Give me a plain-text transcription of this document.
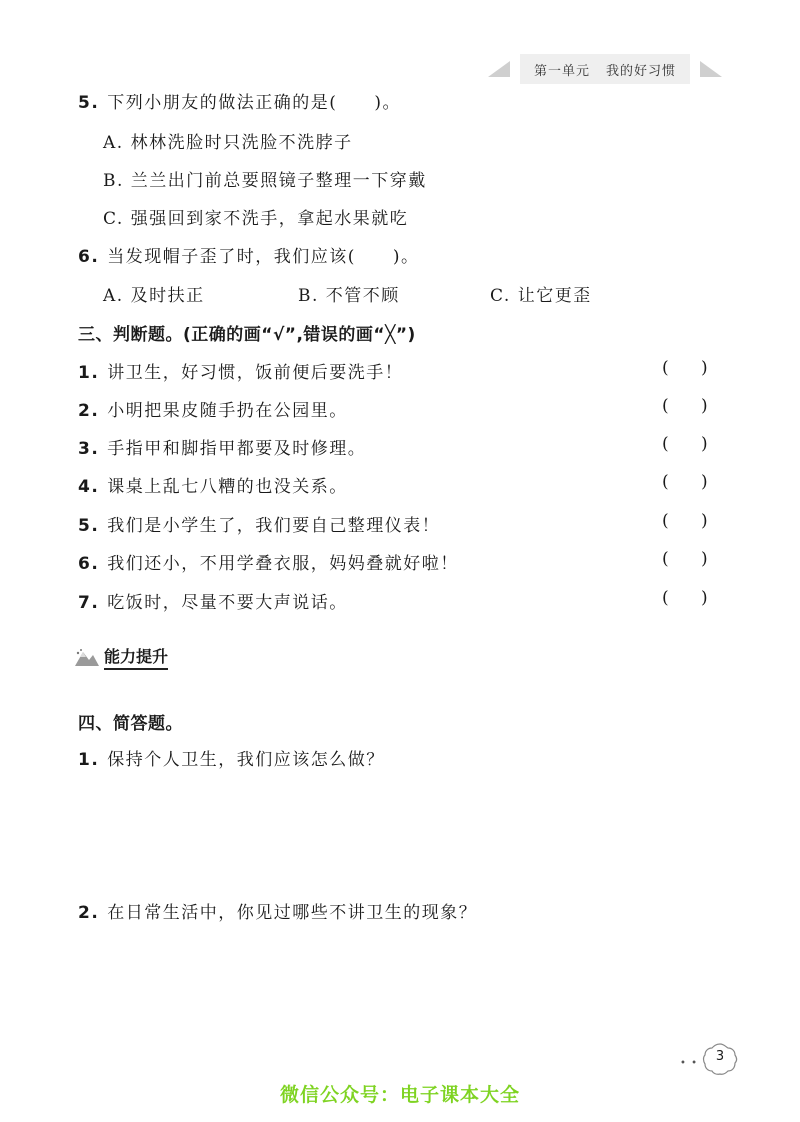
第一单元 我的好习惯
5. 下列小朋友的做法正确的是(　　)。
A. 林林洗脸时只洗脸不洗脖子
B. 兰兰出门前总要照镜子整理一下穿戴
C. 强强回到家不洗手，拿起水果就吃
6. 当发现帽子歪了时，我们应该(　　)。
A. 及时扶正	B. 不管不顾	C. 让它更歪
三、判断题。(正确的画“√”,错误的画“╳”)
1. 讲卫生，好习惯，饭前便后要洗手！	(      )
2. 小明把果皮随手扔在公园里。	(      )
3. 手指甲和脚指甲都要及时修理。	(      )
4. 课桌上乱七八糟的也没关系。	(      )
5. 我们是小学生了，我们要自己整理仪表！	(      )
6. 我们还小，不用学叠衣服，妈妈叠就好啦！	(      )
7. 吃饭时，尽量不要大声说话。	(      )
能力提升
四、简答题。
1. 保持个人卫生，我们应该怎么做？
2. 在日常生活中，你见过哪些不讲卫生的现象？
• •	3
微信公众号：电子课本大全
